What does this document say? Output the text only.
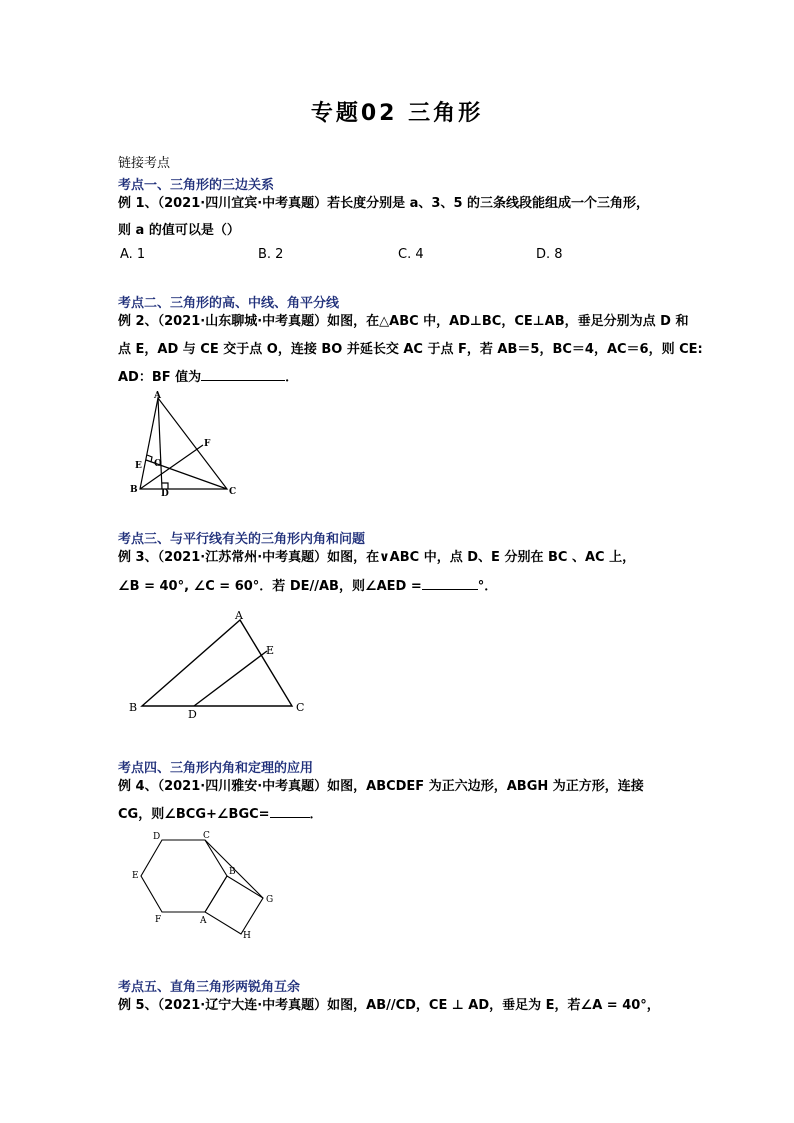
专题02 三角形
链接考点
考点一、三角形的三边关系
例 1、（2021·四川宜宾·中考真题）若长度分别是 a、3、5 的三条线段能组成一个三角形，
则 a 的值可以是（）
A. 1	B. 2	C. 4	D. 8
考点二、三角形的高、中线、角平分线
例 2、（2021·山东聊城·中考真题）如图，在△ABC 中，AD⊥BC，CE⊥AB，垂足分别为点 D 和
点 E，AD 与 CE 交于点 O，连接 BO 并延长交 AC 于点 F，若 AB＝5，BC＝4，AC＝6，则 CE:
AD：BF 值为	．
A
B	C
D
E
F
O
考点三、与平行线有关的三角形内角和问题
例 3、（2021·江苏常州·中考真题）如图，在∨ABC 中，点 D、E 分别在 BC 、AC 上，
∠B = 40°, ∠C = 60°．若 DE//AB，则∠AED =	°．
A
B	C
D
E
考点四、三角形内角和定理的应用
例 4、（2021·四川雅安·中考真题）如图，ABCDEF 为正六边形，ABGH 为正方形，连接
CG，则∠BCG+∠BGC=	．
D	C
B
E
F	A
G
H
考点五、直角三角形两锐角互余
例 5、（2021·辽宁大连·中考真题）如图，AB//CD，CE ⊥ AD，垂足为 E，若∠A = 40°，
